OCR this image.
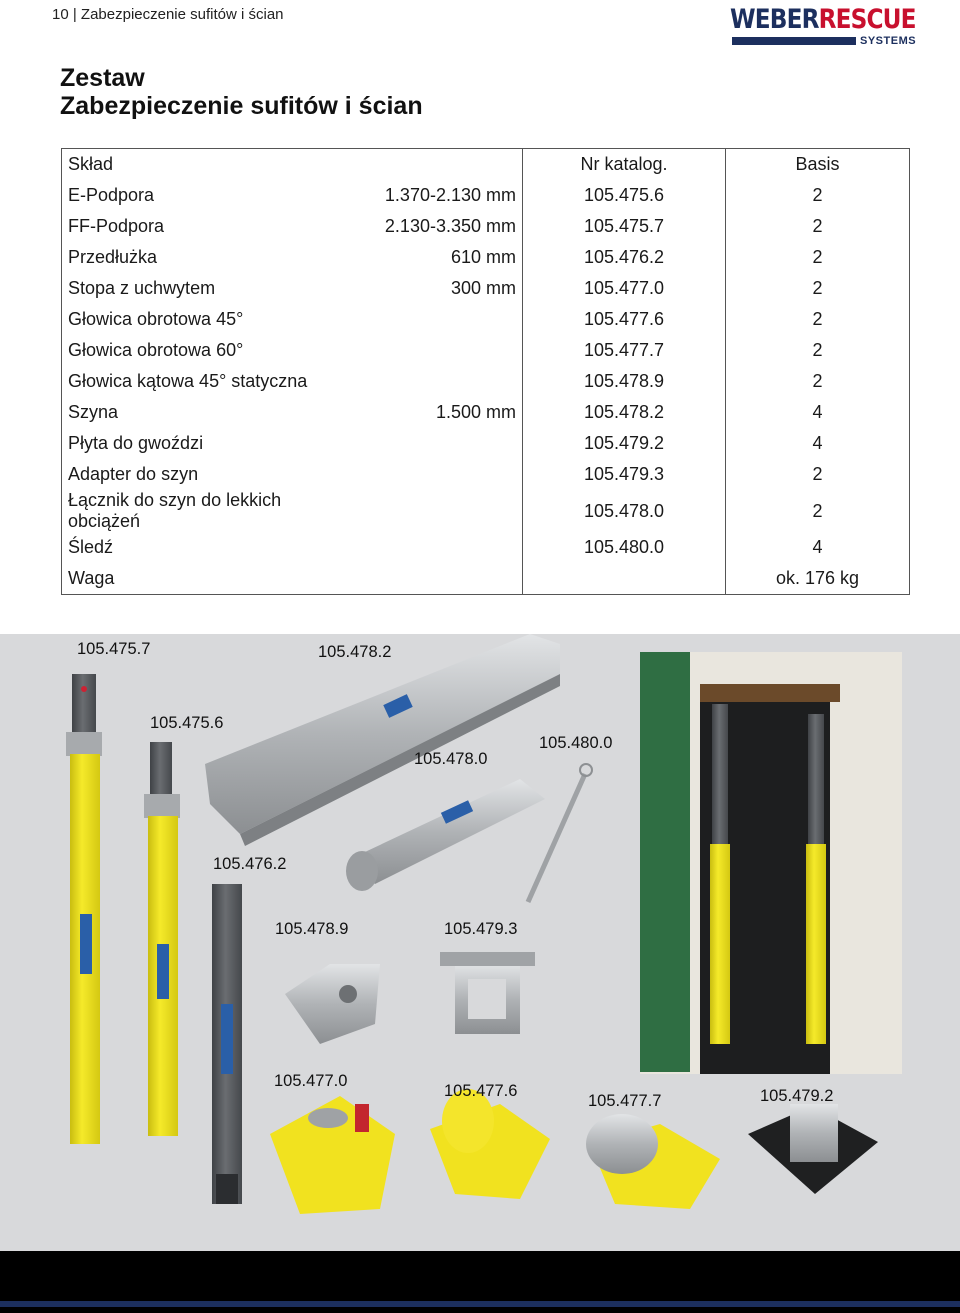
10 | Zabezpieczenie sufitów i ścian	WEBERRESCUE
SYSTEMS
Zestaw
Zabezpieczenie sufitów i ścian
Skład		Nr katalog.	Basis
E-Podpora	1.370-2.130 mm	105.475.6	2
FF-Podpora	2.130-3.350 mm	105.475.7	2
Przedłużka	610 mm	105.476.2	2
Stopa z uchwytem	300 mm	105.477.0	2
Głowica obrotowa 45°		105.477.6	2
Głowica obrotowa 60°		105.477.7	2
Głowica kątowa 45° statyczna		105.478.9	2
Szyna	1.500 mm	105.478.2	4
Płyta do gwoździ		105.479.2	4
Adapter do szyn		105.479.3	2
Łącznik do szyn do lekkich obciążeń		105.478.0	2
Śledź		105.480.0	4
Waga			ok. 176 kg
105.475.7	105.478.2
105.475.6
105.478.0
105.480.0
105.476.2
105.478.9	105.479.3
105.477.0
105.477.6
105.477.7	105.479.2
